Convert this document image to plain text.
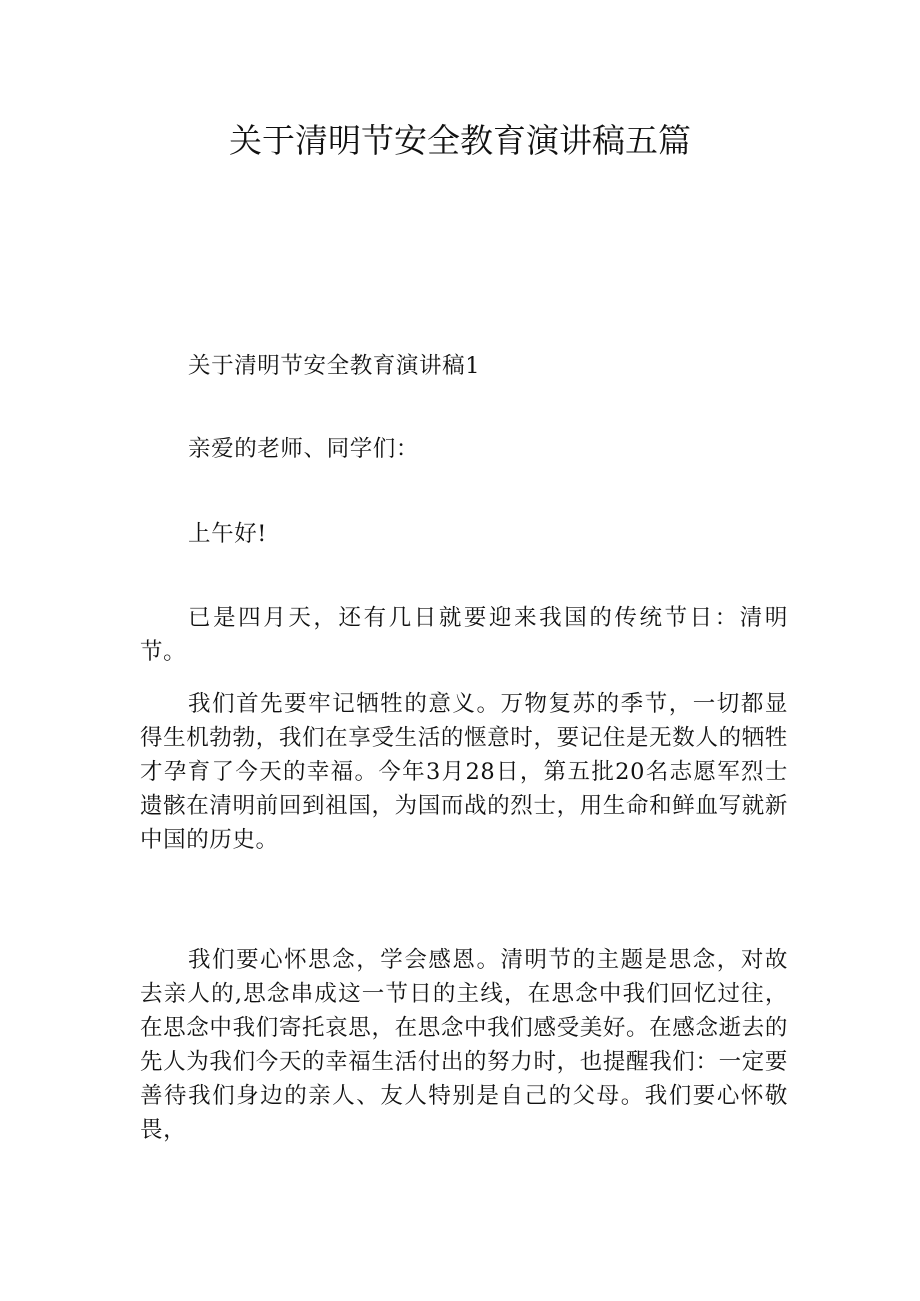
关于清明节安全教育演讲稿五篇

关于清明节安全教育演讲稿1

亲爱的老师、同学们：

上午好!

已是四月天，还有几日就要迎来我国的传统节日：清明节。

我们首先要牢记牺牲的意义。万物复苏的季节，一切都显得生机勃勃，我们在享受生活的惬意时，要记住是无数人的牺牲才孕育了今天的幸福。今年3月28日，第五批20名志愿军烈士遗骸在清明前回到祖国，为国而战的烈士，用生命和鲜血写就新中国的历史。

我们要心怀思念，学会感恩。清明节的主题是思念，对故去亲人的,思念串成这一节日的主线，在思念中我们回忆过往，在思念中我们寄托哀思，在思念中我们感受美好。在感念逝去的先人为我们今天的幸福生活付出的努力时，也提醒我们：一定要善待我们身边的亲人、友人特别是自己的父母。我们要心怀敬畏，
